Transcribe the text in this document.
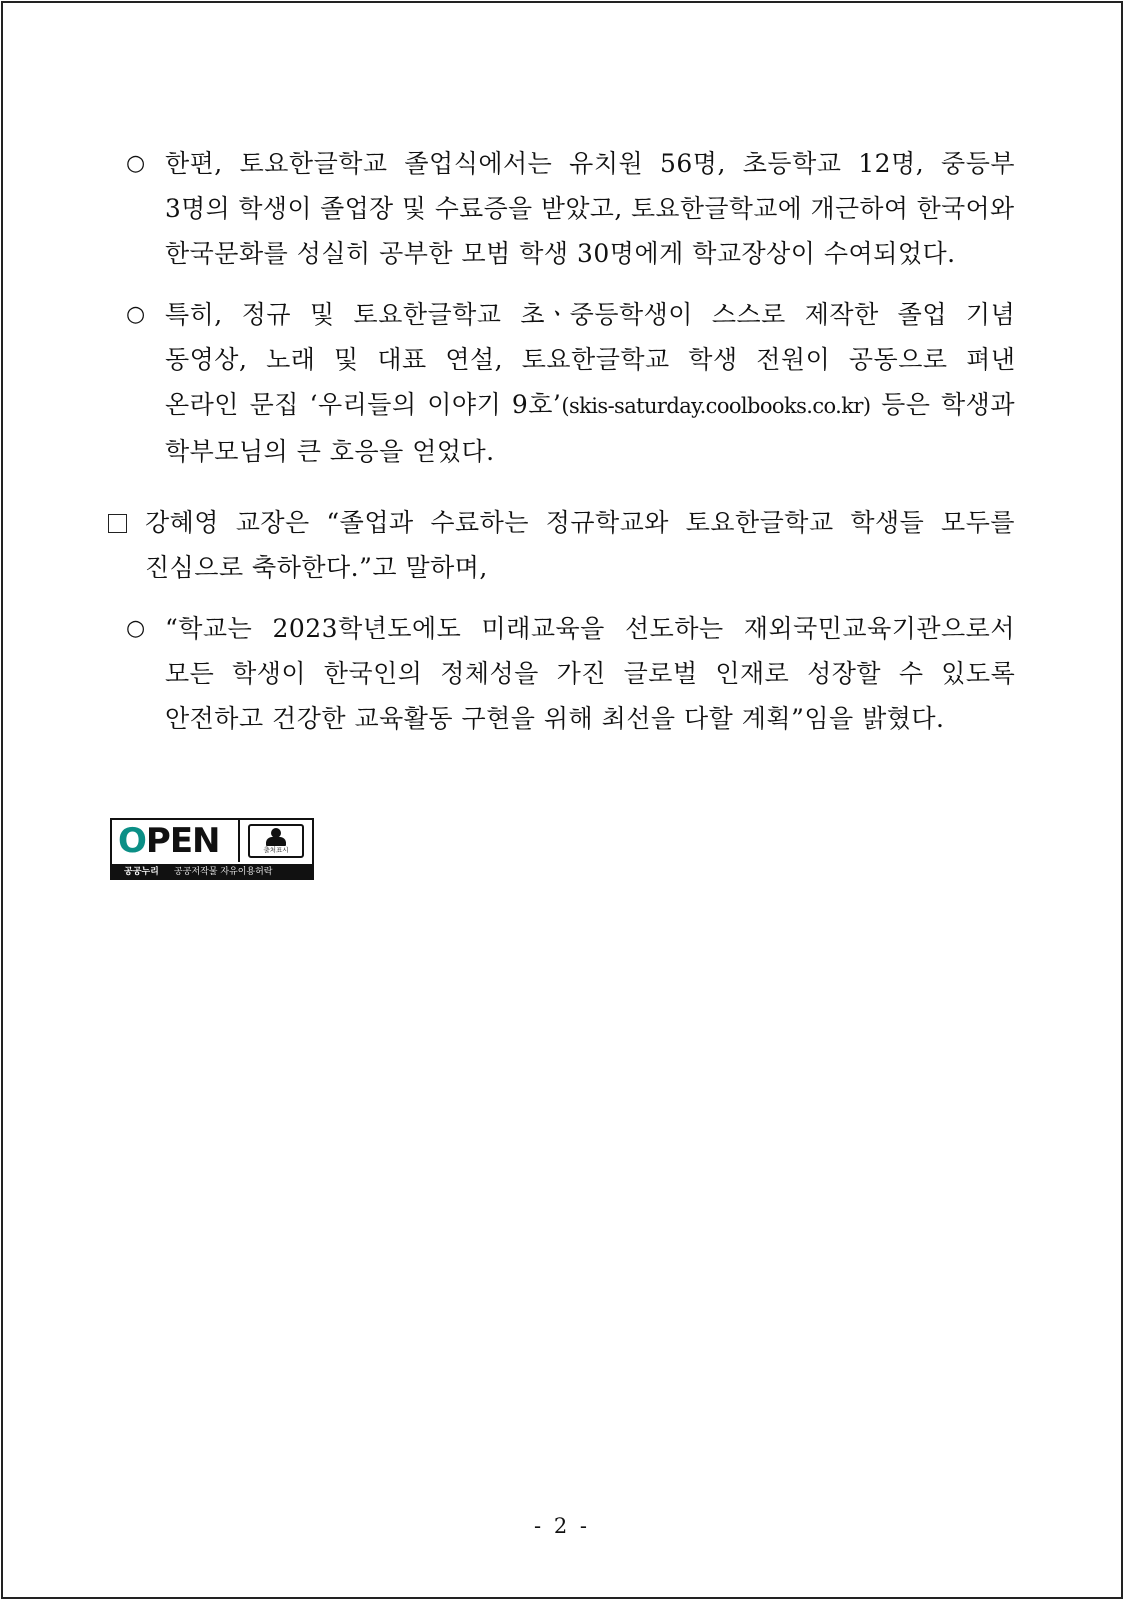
○ 한편, 토요한글학교 졸업식에서는 유치원 56명, 초등학교 12명, 중등부
3명의 학생이 졸업장 및 수료증을 받았고, 토요한글학교에 개근하여 한국어와
한국문화를 성실히 공부한 모범 학생 30명에게 학교장상이 수여되었다.
○ 특히, 정규 및 토요한글학교 초ㆍ중등학생이 스스로 제작한 졸업 기념
동영상, 노래 및 대표 연설, 토요한글학교 학생 전원이 공동으로 펴낸
온라인 문집 ‘우리들의 이야기 9호’(skis-saturday.coolbooks.co.kr) 등은 학생과
학부모님의 큰 호응을 얻었다.
강혜영 교장은 “졸업과 수료하는 정규학교와 토요한글학교 학생들 모두를
진심으로 축하한다.”고 말하며,
○ “학교는 2023학년도에도 미래교육을 선도하는 재외국민교육기관으로서
모든 학생이 한국인의 정체성을 가진 글로벌 인재로 성장할 수 있도록
안전하고 건강한 교육활동 구현을 위해 최선을 다할 계획”임을 밝혔다.
OPEN	출처표시
공공누리 공공저작물 자유이용허락
- 2 -
